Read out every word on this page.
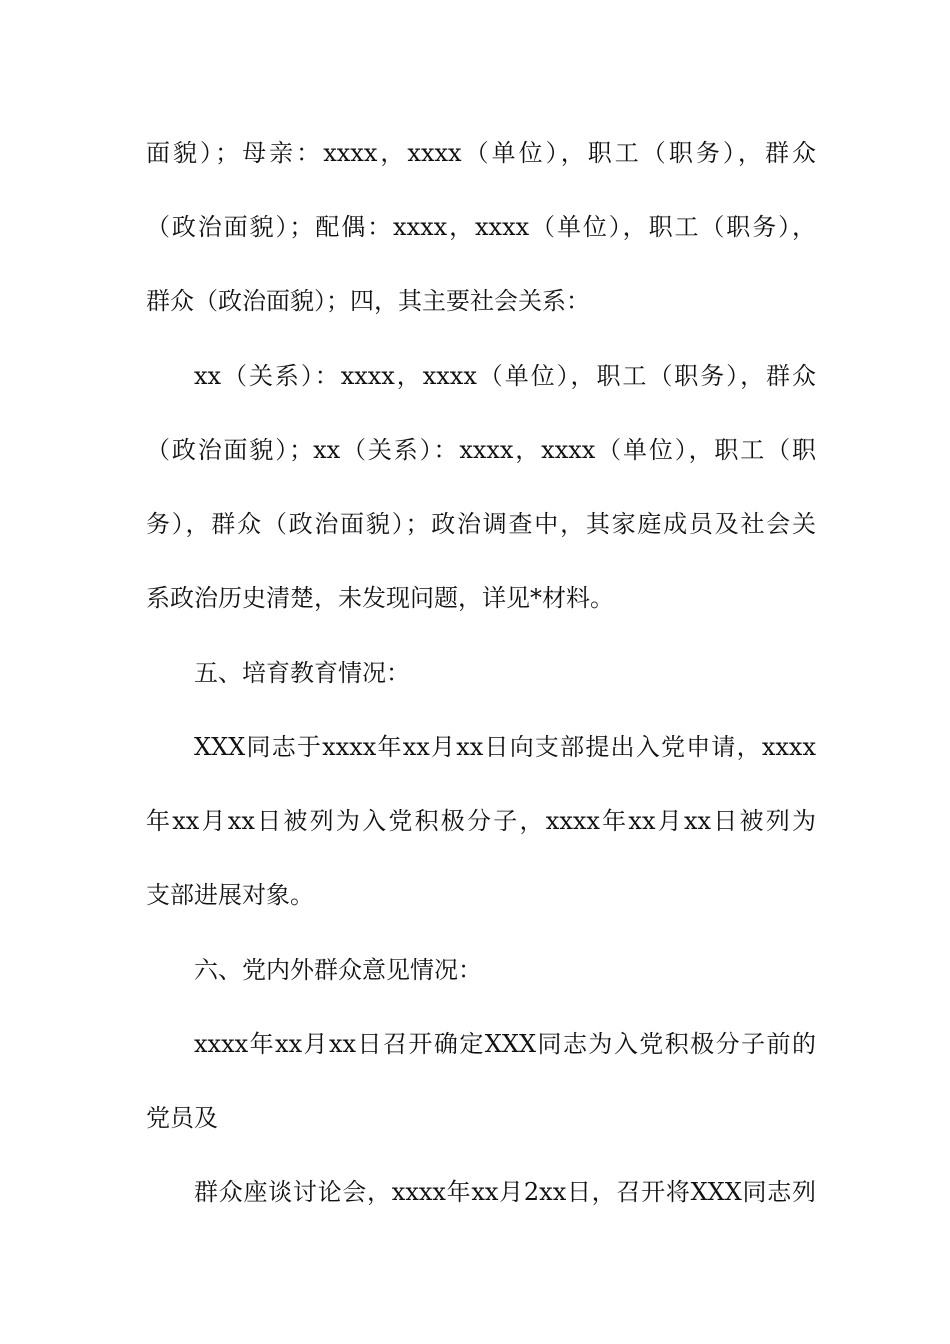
面貌）；母亲：xxxx，xxxx（单位），职工（职务），群众
（政治面貌）；配偶：xxxx，xxxx（单位），职工（职务），
群众（政治面貌）；四，其主要社会关系：
xx（关系）：xxxx，xxxx（单位），职工（职务），群众
（政治面貌）；xx（关系）：xxxx，xxxx（单位），职工（职
务），群众（政治面貌）；政治调查中，其家庭成员及社会关
系政治历史清楚，未发现问题，详见*材料。
五、培育教育情况：
XXX同志于xxxx年xx月xx日向支部提出入党申请，xxxx
年xx月xx日被列为入党积极分子，xxxx年xx月xx日被列为
支部进展对象。
六、党内外群众意见情况：
xxxx年xx月xx日召开确定XXX同志为入党积极分子前的
党员及
群众座谈讨论会，xxxx年xx月2xx日，召开将XXX同志列
